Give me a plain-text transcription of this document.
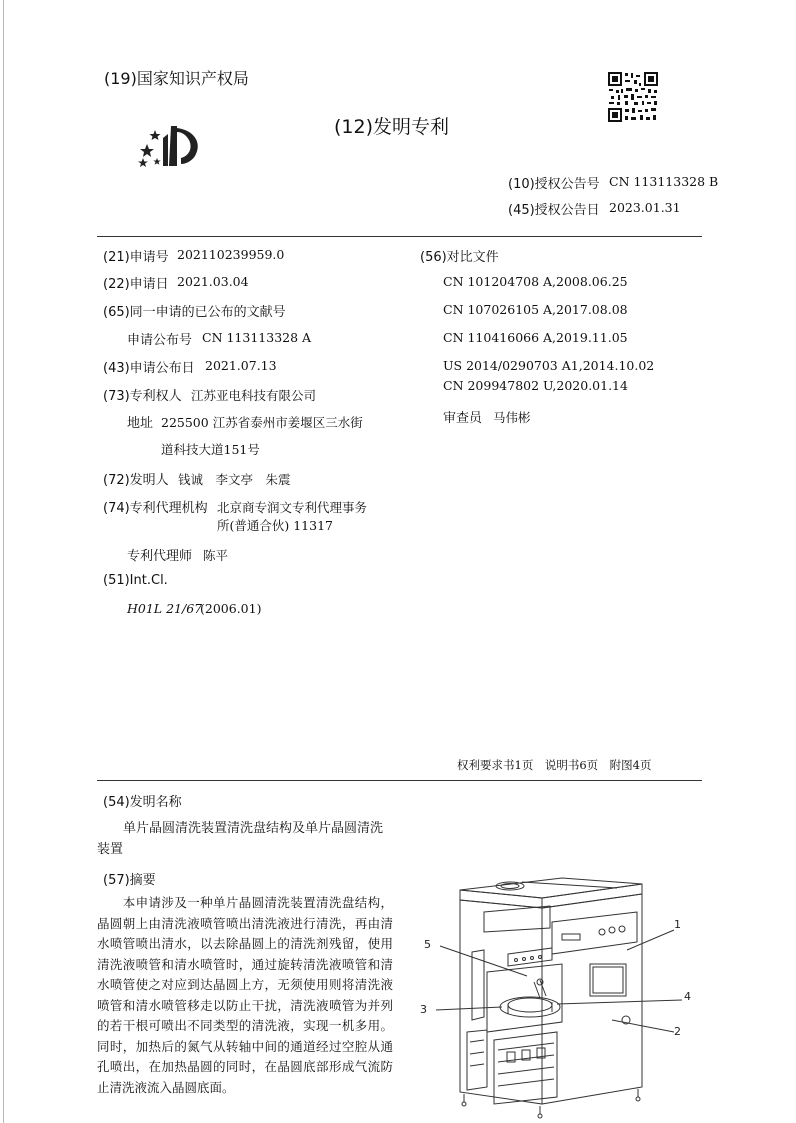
(19)国家知识产权局
(12)发明专利
(10)授权公告号 CN 113113328 B
(45)授权公告日 2023.01.31
(21)申请号 202110239959.0
(22)申请日 2021.03.04
(65)同一申请的已公布的文献号
申请公布号 CN 113113328 A
(43)申请公布日 2021.07.13
(73)专利权人 江苏亚电科技有限公司
地址 225500 江苏省泰州市姜堰区三水街
道科技大道151号
(72)发明人 钱诚　李文亭　朱震
(74)专利代理机构 北京商专润文专利代理事务
所(普通合伙) 11317
专利代理师 陈平
(51)Int.Cl.
H01L 21/67
(2006.01)
(56)对比文件
CN 101204708 A,2008.06.25
CN 107026105 A,2017.08.08
CN 110416066 A,2019.11.05
US 2014/0290703 A1,2014.10.02
CN 209947802 U,2020.01.14
审查员 马伟彬
权利要求书1页　说明书6页　附图4页
(54)发明名称
单片晶圆清洗装置清洗盘结构及单片晶圆清洗装置
(57)摘要

　　本申请涉及一种单片晶圆清洗装置清洗盘结构，晶圆朝上由清洗液喷管喷出清洗液进行清洗，再由清水喷管喷出清水，以去除晶圆上的清洗剂残留，使用清洗液喷管和清水喷管时，通过旋转清洗液喷管和清水喷管使之对应到达晶圆上方，无须使用则将清洗液喷管和清水喷管移走以防止干扰，清洗液喷管为并列的若干根可喷出不同类型的清洗液，实现一机多用。同时，加热后的氮气从转轴中间的通道经过空腔从通孔喷出，在加热晶圆的同时，在晶圆底部形成气流防止清洗液流入晶圆底面。

1
2
3
4
5
